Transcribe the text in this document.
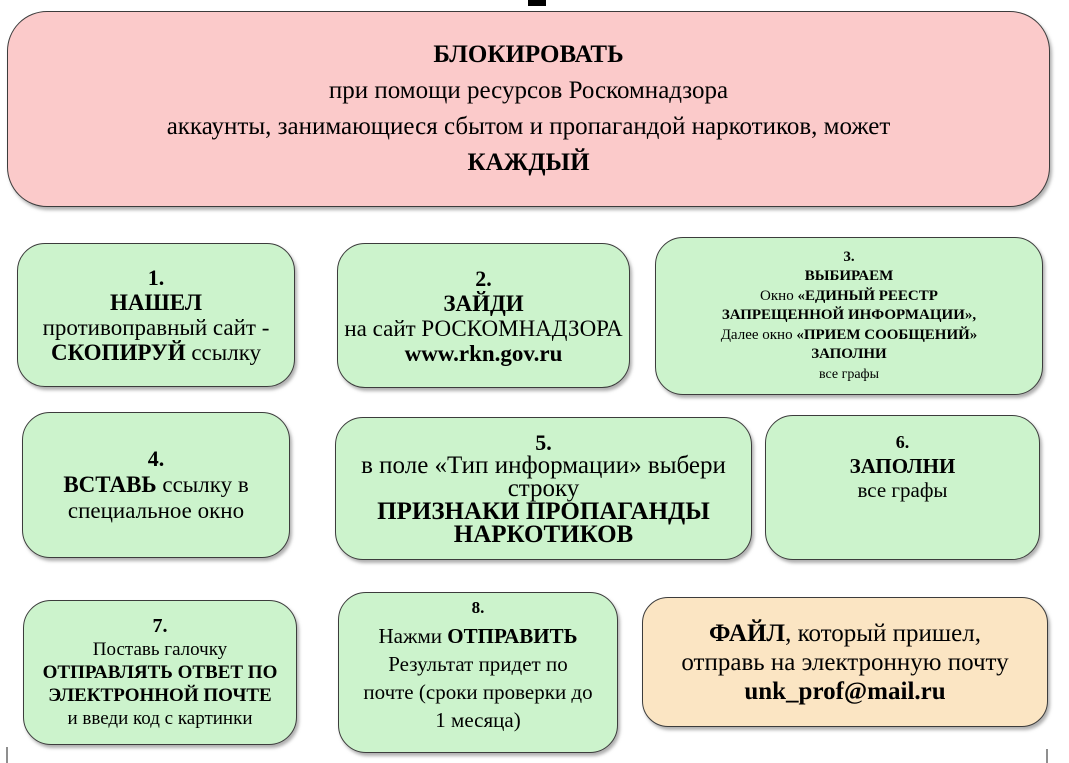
БЛОКИРОВАТЬ
при помощи ресурсов Роскомнадзора
аккаунты, занимающиеся сбытом и пропагандой наркотиков, может
КАЖДЫЙ
1.
НАШЕЛ
противоправный сайт -
СКОПИРУЙ ссылку
2.
ЗАЙДИ
на сайт РОСКОМНАДЗОРА
www.rkn.gov.ru
3.
ВЫБИРАЕМ
Окно «ЕДИНЫЙ РЕЕСТР
ЗАПРЕЩЕННОЙ ИНФОРМАЦИИ»,
Далее окно «ПРИЕМ СООБЩЕНИЙ»
ЗАПОЛНИ
все графы
4.
ВСТАВЬ ссылку в
специальное окно
5.
в поле «Тип информации» выбери
строку
ПРИЗНАКИ ПРОПАГАНДЫ
НАРКОТИКОВ
6.
ЗАПОЛНИ
все графы
7.
Поставь галочку
ОТПРАВЛЯТЬ ОТВЕТ ПО
ЭЛЕКТРОННОЙ ПОЧТЕ
и введи код с картинки
8.
Нажми ОТПРАВИТЬ
Результат придет по
почте (сроки проверки до
1 месяца)
ФАЙЛ, который пришел,
отправь на электронную почту
unk_prof@mail.ru
